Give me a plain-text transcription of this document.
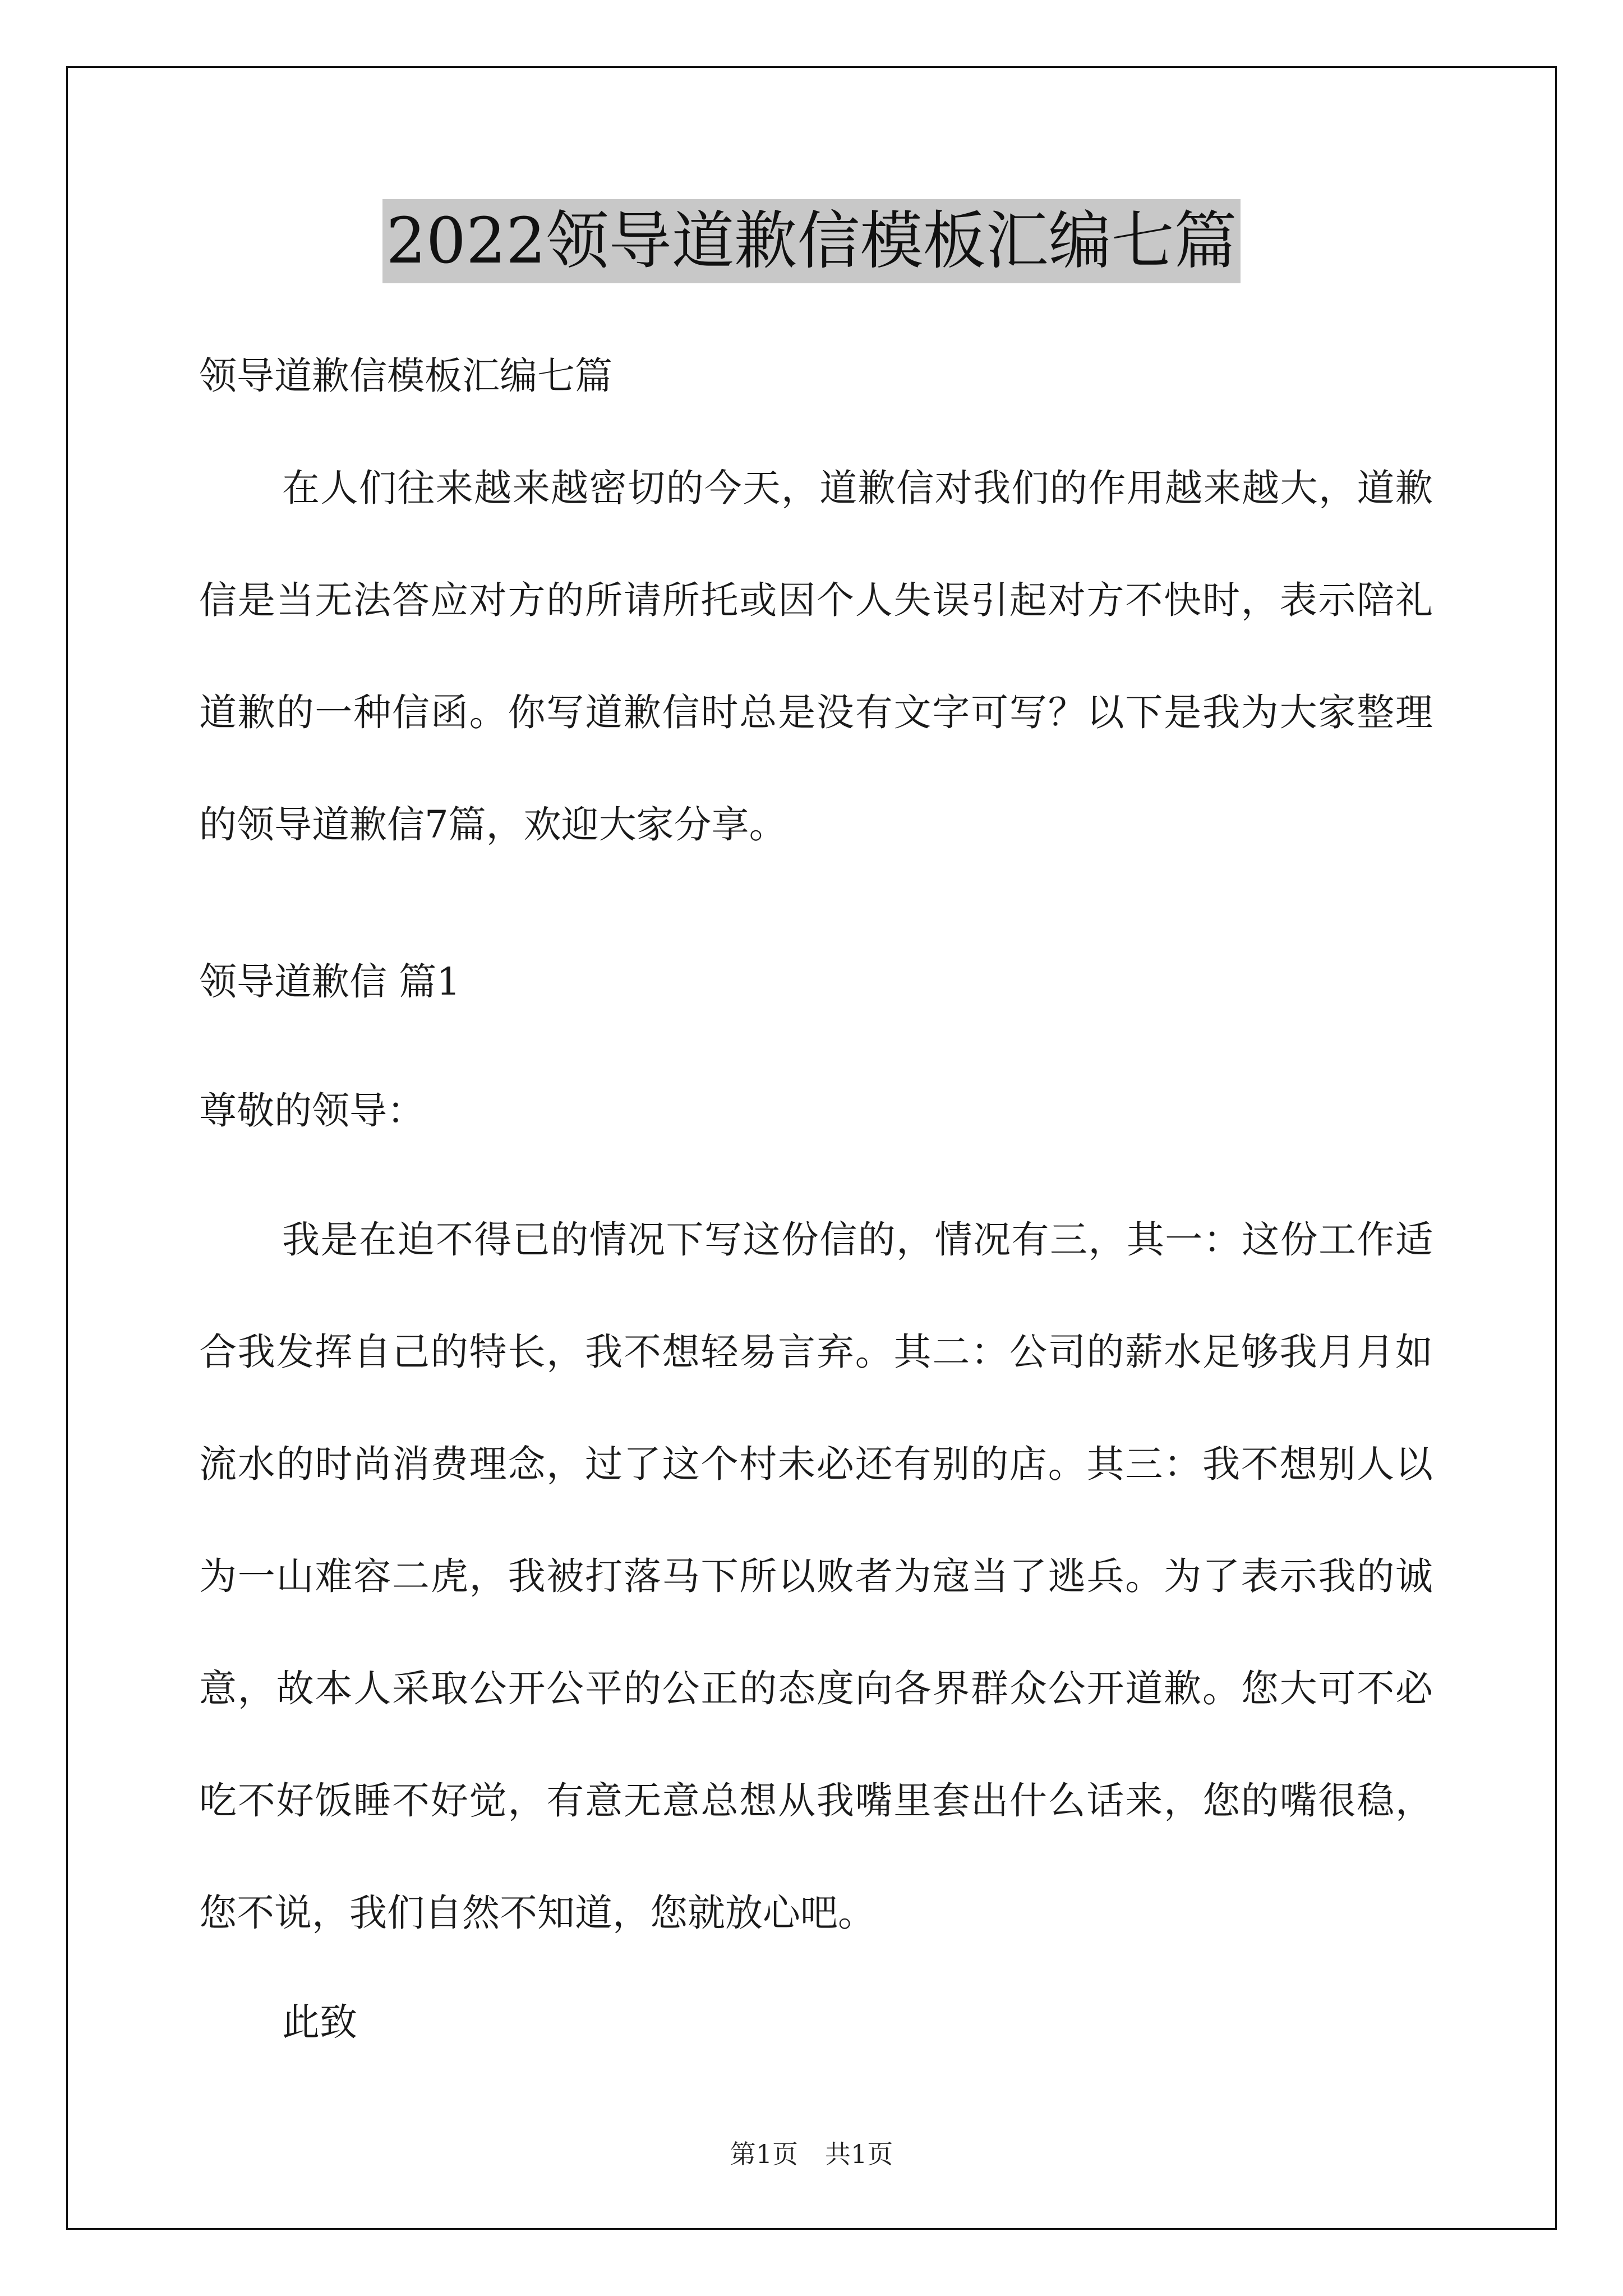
2022领导道歉信模板汇编七篇
领导道歉信模板汇编七篇
在人们往来越来越密切的今天，道歉信对我们的作用越来越大，道歉信是当无法答应对方的所请所托或因个人失误引起对方不快时，表示陪礼道歉的一种信函。你写道歉信时总是没有文字可写？以下是我为大家整理的领导道歉信7篇，欢迎大家分享。
领导道歉信 篇1
尊敬的领导：
我是在迫不得已的情况下写这份信的，情况有三，其一：这份工作适合我发挥自己的特长，我不想轻易言弃。其二：公司的薪水足够我月月如流水的时尚消费理念，过了这个村未必还有别的店。其三：我不想别人以为一山难容二虎，我被打落马下所以败者为寇当了逃兵。为了表示我的诚意，故本人采取公开公平的公正的态度向各界群众公开道歉。您大可不必吃不好饭睡不好觉，有意无意总想从我嘴里套出什么话来，您的嘴很稳，您不说，我们自然不知道，您就放心吧。
此致
第1页 共1页
